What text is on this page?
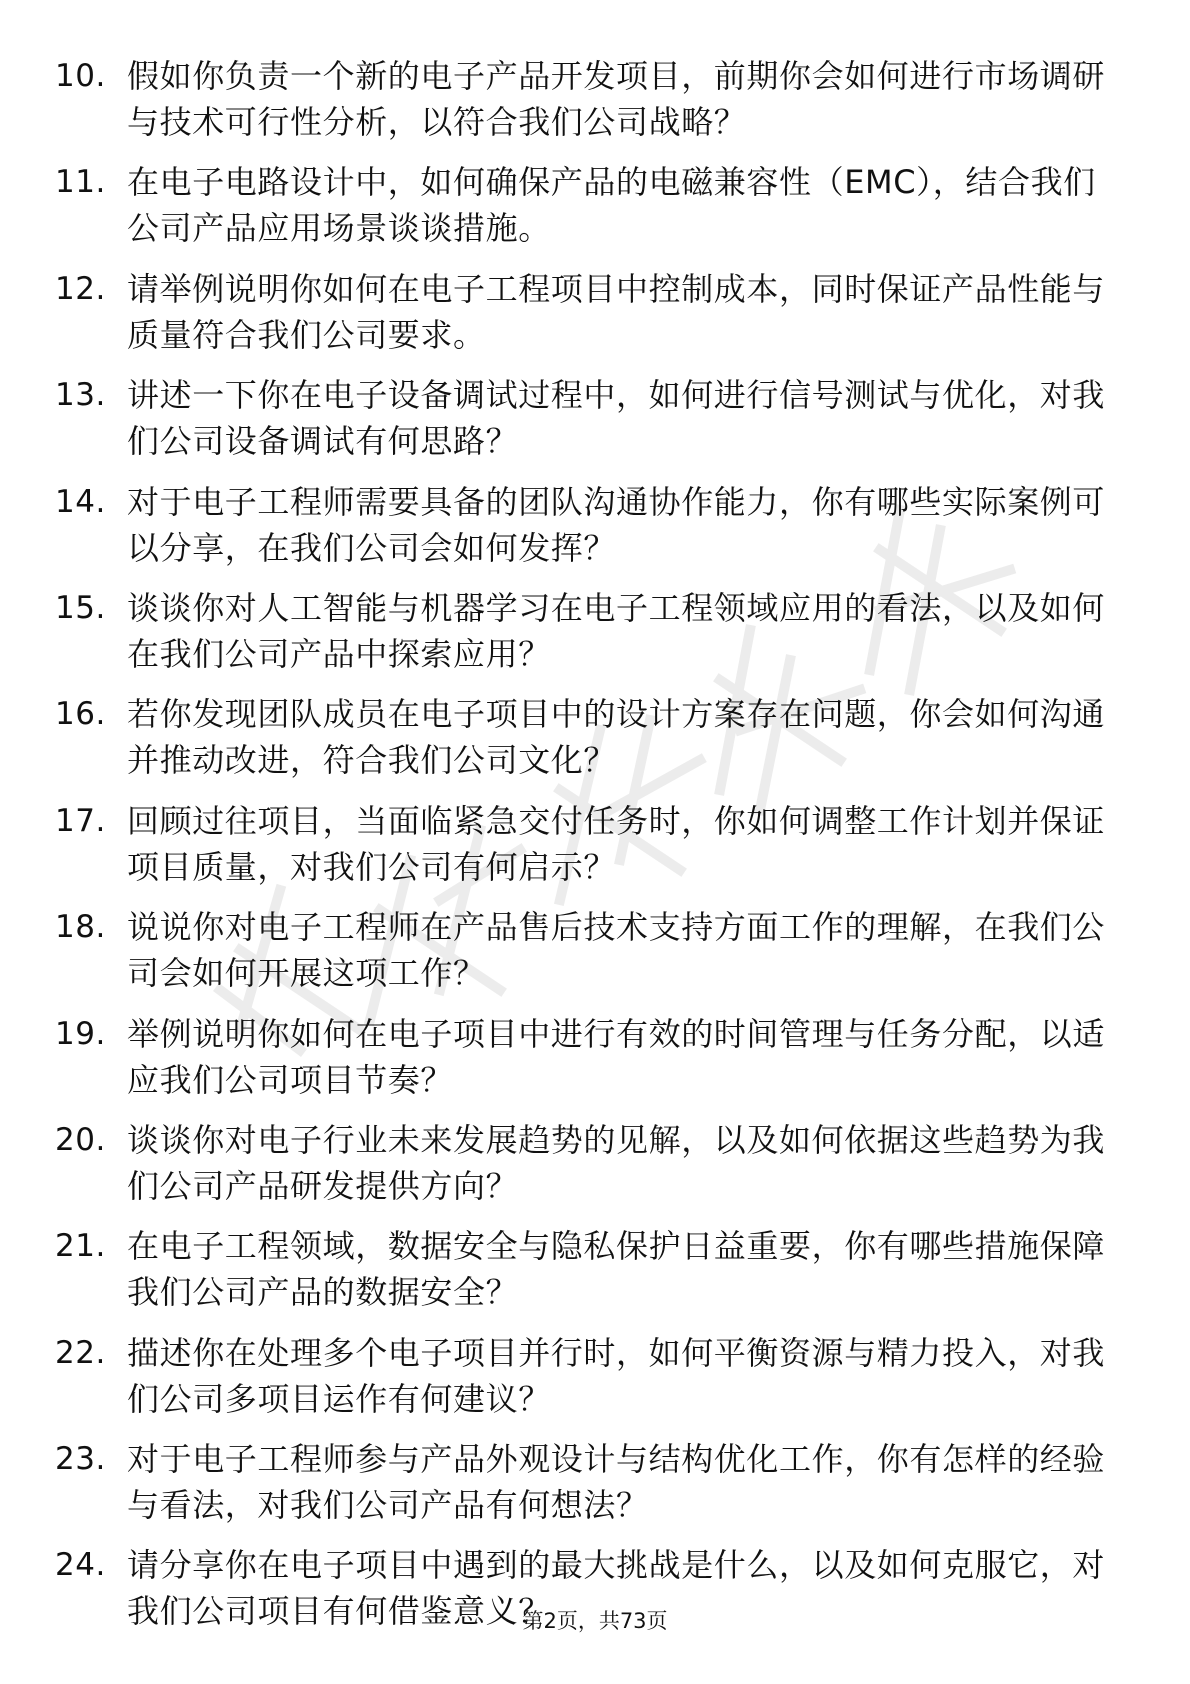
10. 假如你负责一个新的电子产品开发项目，前期你会如何进行市场调研与技术可行性分析，以符合我们公司战略？
11. 在电子电路设计中，如何确保产品的电磁兼容性（EMC），结合我们公司产品应用场景谈谈措施。
12. 请举例说明你如何在电子工程项目中控制成本，同时保证产品性能与质量符合我们公司要求。
13. 讲述一下你在电子设备调试过程中，如何进行信号测试与优化，对我们公司设备调试有何思路？
14. 对于电子工程师需要具备的团队沟通协作能力，你有哪些实际案例可以分享，在我们公司会如何发挥？
15. 谈谈你对人工智能与机器学习在电子工程领域应用的看法，以及如何在我们公司产品中探索应用？
16. 若你发现团队成员在电子项目中的设计方案存在问题，你会如何沟通并推动改进，符合我们公司文化？
17. 回顾过往项目，当面临紧急交付任务时，你如何调整工作计划并保证项目质量，对我们公司有何启示？
18. 说说你对电子工程师在产品售后技术支持方面工作的理解，在我们公司会如何开展这项工作？
19. 举例说明你如何在电子项目中进行有效的时间管理与任务分配，以适应我们公司项目节奏？
20. 谈谈你对电子行业未来发展趋势的见解，以及如何依据这些趋势为我们公司产品研发提供方向？
21. 在电子工程领域，数据安全与隐私保护日益重要，你有哪些措施保障我们公司产品的数据安全？
22. 描述你在处理多个电子项目并行时，如何平衡资源与精力投入，对我们公司多项目运作有何建议？
23. 对于电子工程师参与产品外观设计与结构优化工作，你有怎样的经验与看法，对我们公司产品有何想法？
24. 请分享你在电子项目中遇到的最大挑战是什么，以及如何克服它，对我们公司项目有何借鉴意义？
第2页，共73页
